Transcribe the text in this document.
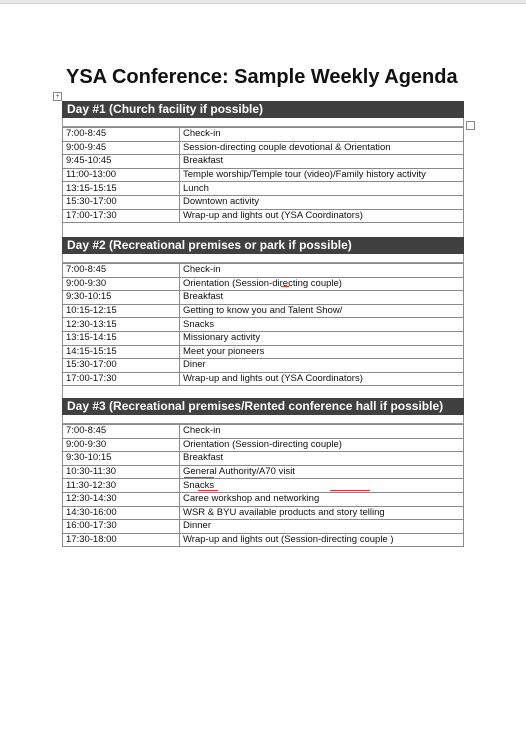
YSA Conference: Sample Weekly Agenda
+
Day #1 (Church facility if possible)
7:00-8:45	Check-in
9:00-9:45	Session-directing couple devotional & Orientation
9:45-10:45	Breakfast
11:00-13:00	Temple worship/Temple tour (video)/Family history activity
13:15-15:15	Lunch
15:30-17:00	Downtown activity
17:00-17:30	Wrap-up and lights out (YSA Coordinators)
Day #2 (Recreational premises or park if possible)
7:00-8:45	Check-in
9:00-9:30	Orientation (Session-directing couple)
9:30-10:15	Breakfast
10:15-12:15	Getting to know you and Talent Show/
12:30-13:15	Snacks
13:15-14:15	Missionary activity
14:15-15:15	Meet your pioneers
15:30-17:00	Diner
17:00-17:30	Wrap-up and lights out (YSA Coordinators)
Day #3 (Recreational premises/Rented conference hall if possible)
7:00-8:45	Check-in
9:00-9:30	Orientation (Session-directing couple)
9:30-10:15	Breakfast
10:30-11:30	General Authority/A70 visit
11:30-12:30	Snacks
12:30-14:30	Caree workshop and networking
14:30-16:00	WSR & BYU available products and story telling
16:00-17:30	Dinner
17:30-18:00	Wrap-up and lights out (Session-directing couple )
